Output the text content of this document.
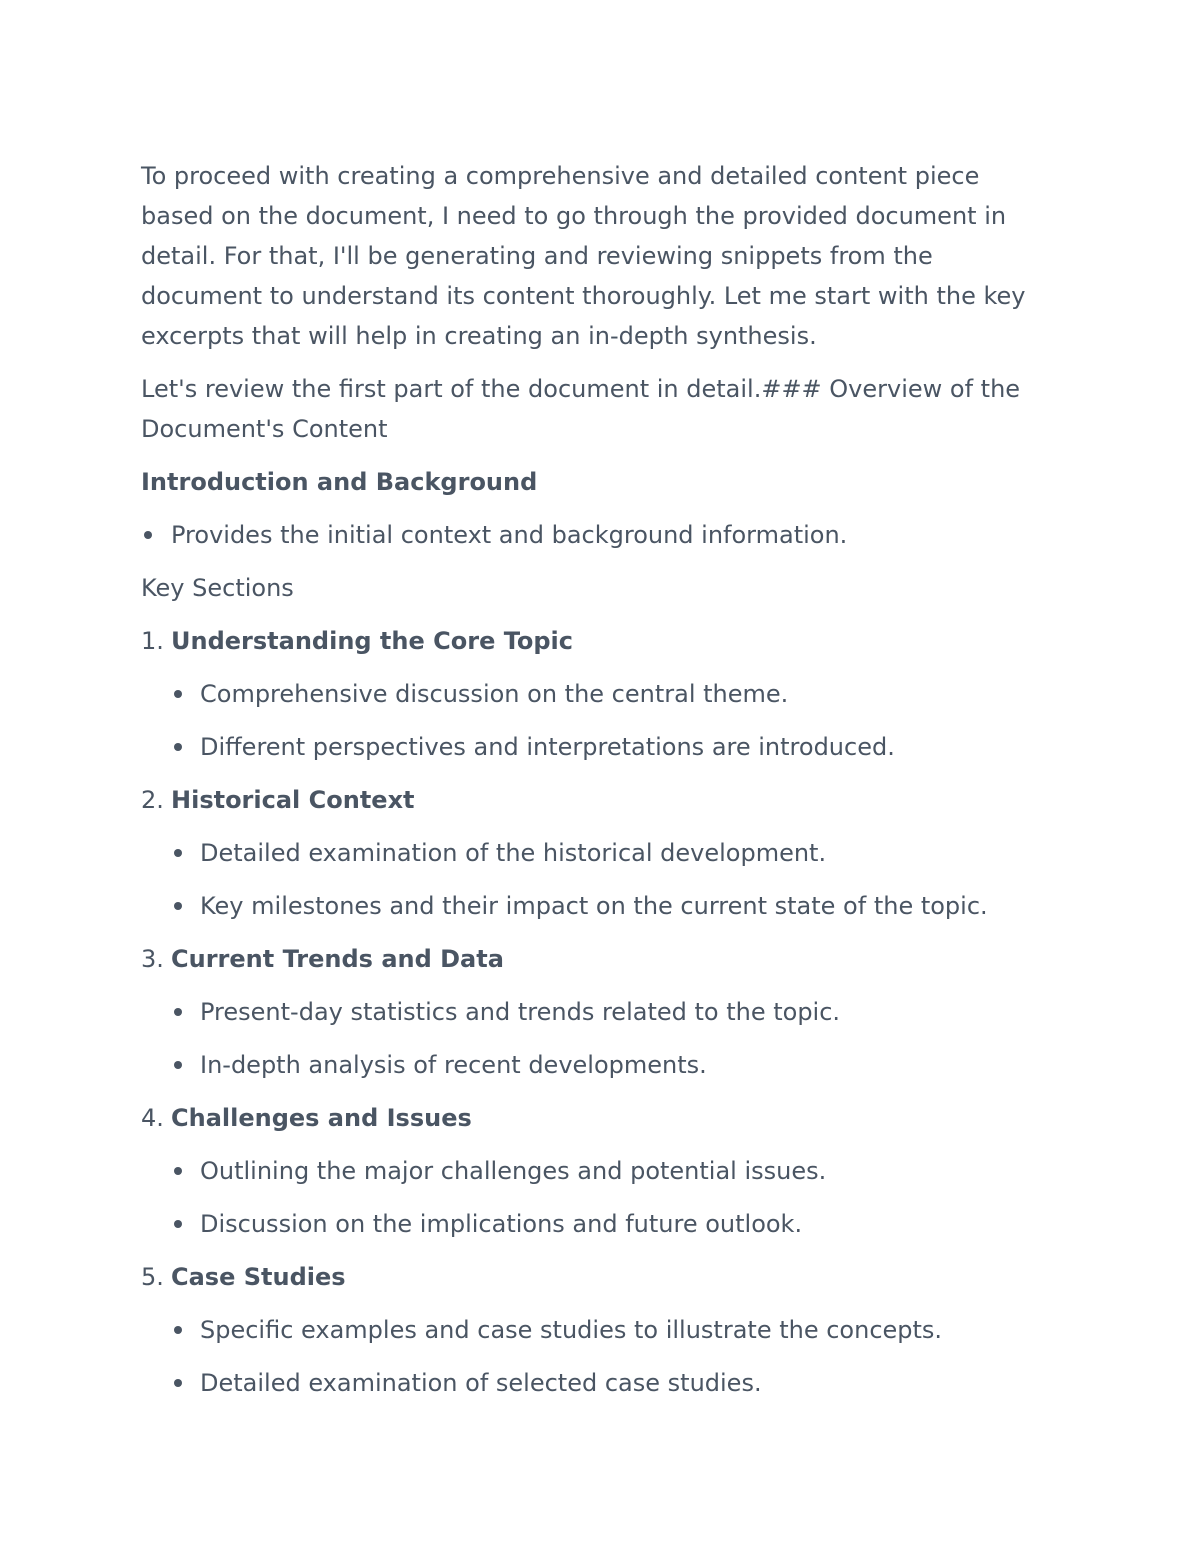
To proceed with creating a comprehensive and detailed content piece based on the document, I need to go through the provided document in detail. For that, I'll be generating and reviewing snippets from the document to understand its content thoroughly. Let me start with the key excerpts that will help in creating an in-depth synthesis.

Let's review the first part of the document in detail.### Overview of the Document's Content

Introduction and Background

Provides the initial context and background information.

Key Sections

1. Understanding the Core Topic
Comprehensive discussion on the central theme.
Different perspectives and interpretations are introduced.
2. Historical Context
Detailed examination of the historical development.
Key milestones and their impact on the current state of the topic.
3. Current Trends and Data
Present-day statistics and trends related to the topic.
In-depth analysis of recent developments.
4. Challenges and Issues
Outlining the major challenges and potential issues.
Discussion on the implications and future outlook.
5. Case Studies
Specific examples and case studies to illustrate the concepts.
Detailed examination of selected case studies.
